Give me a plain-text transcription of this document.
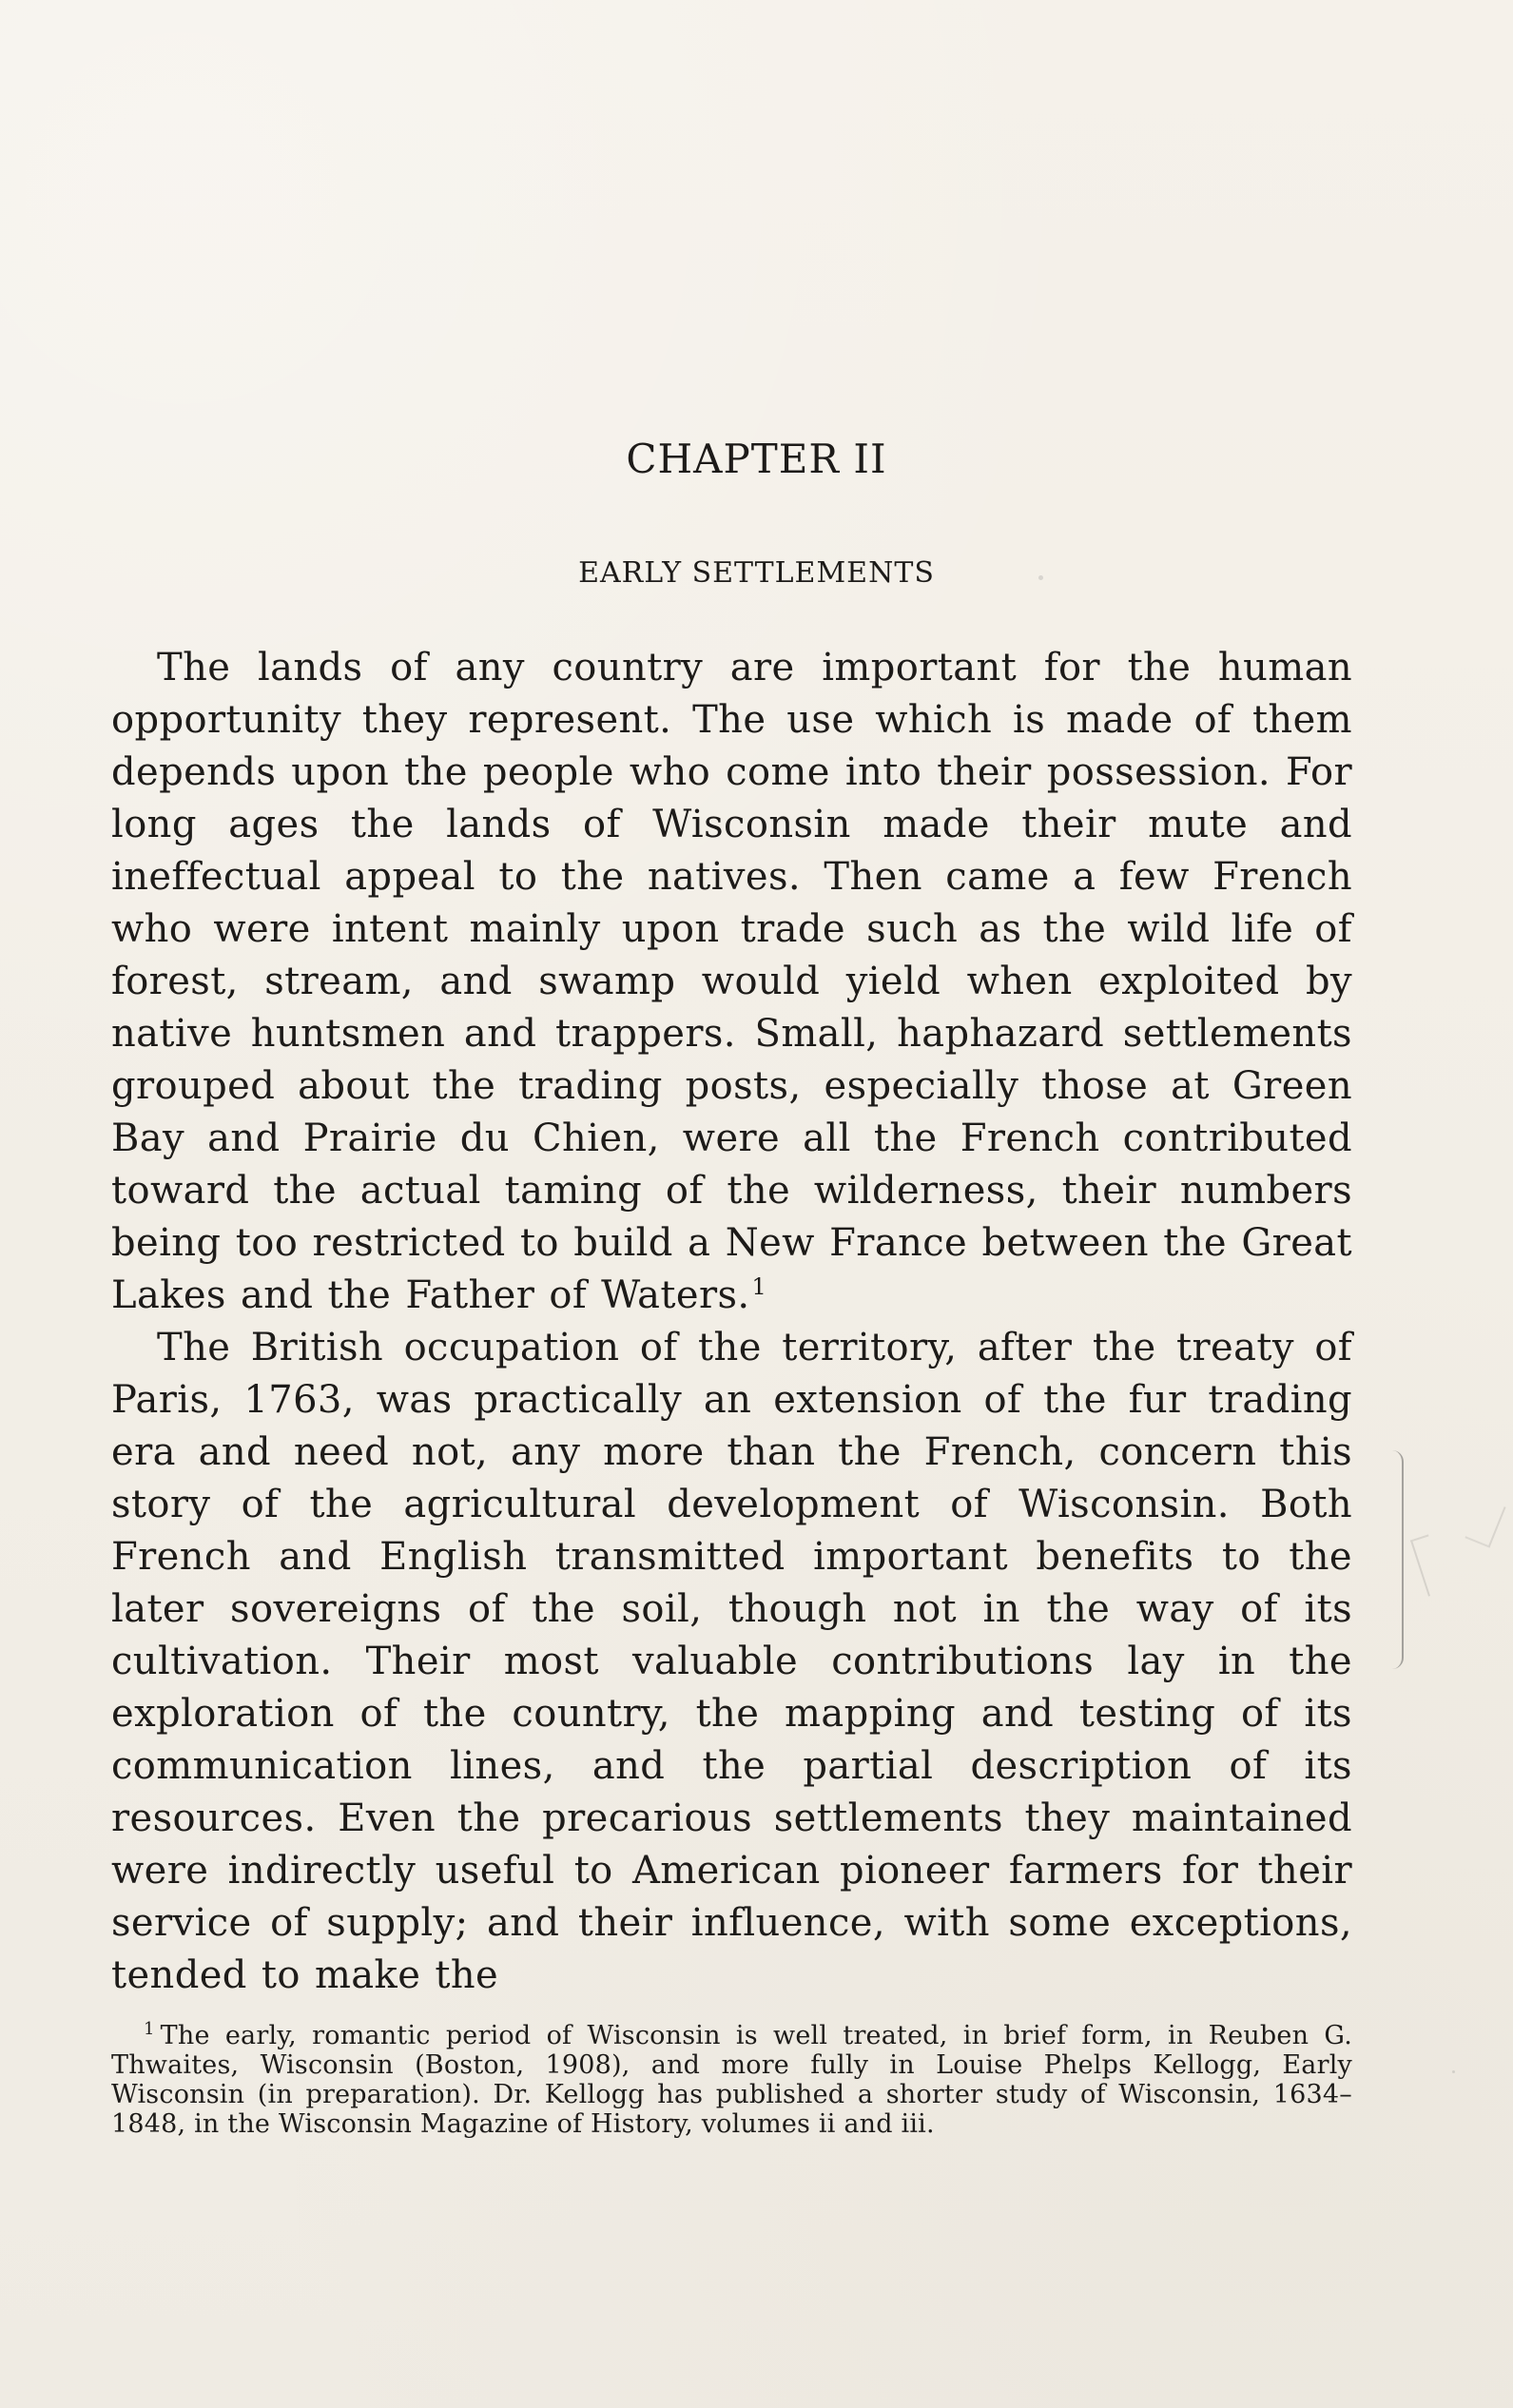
CHAPTER II
EARLY SETTLEMENTS

The lands of any country are important for the human opportunity they represent. The use which is made of them depends upon the people who come into their possession. For long ages the lands of Wisconsin made their mute and ineffectual appeal to the natives. Then came a few French who were intent mainly upon trade such as the wild life of forest, stream, and swamp would yield when exploited by native huntsmen and trappers. Small, haphazard settlements grouped about the trading posts, especially those at Green Bay and Prairie du Chien, were all the French contributed toward the actual taming of the wilderness, their numbers being too restricted to build a New France between the Great Lakes and the Father of Waters.$^1$

The British occupation of the territory, after the treaty of Paris, 1763, was practically an extension of the fur trading era and need not, any more than the French, concern this story of the agricultural development of Wisconsin. Both French and English transmitted important benefits to the later sovereigns of the soil, though not in the way of its cultivation. Their most valuable contributions lay in the exploration of the country, the mapping and testing of its communication lines, and the partial description of its resources. Even the precarious settlements they maintained were indirectly useful to American pioneer farmers for their service of supply; and their influence, with some exceptions, tended to make the

$^1$ The early, romantic period of Wisconsin is well treated, in brief form, in Reuben G. Thwaites, Wisconsin (Boston, 1908), and more fully in Louise Phelps Kellogg, Early Wisconsin (in preparation). Dr. Kellogg has published a shorter study of Wisconsin, 1634–1848, in the Wisconsin Magazine of History, volumes ii and iii.
